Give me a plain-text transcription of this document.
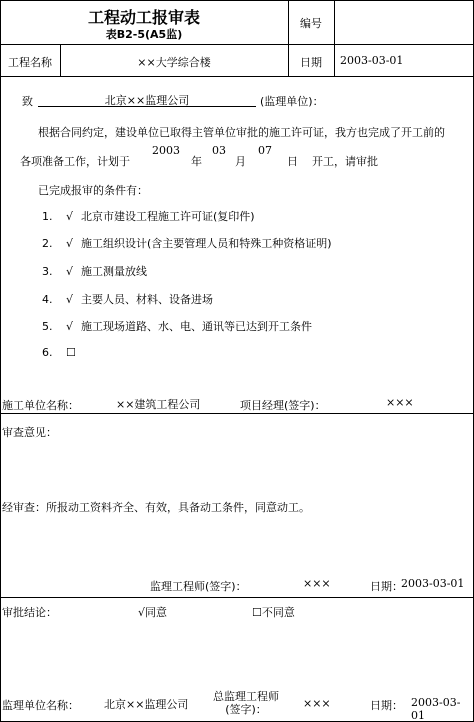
工程动工报审表
表B2-5(A5监)
编号
工程名称	××大学综合楼	日期	2003-03-01
致	北京××监理公司	(监理单位)：
根据合同约定，建设单位已取得主管单位审批的施工许可证，我方也完成了开工前的
各项准备工作，计划于
2003
年
03
月
07
日 开工，请审批
已完成报审的条件有：
1. √ 北京市建设工程施工许可证(复印件)
2. √ 施工组织设计(含主要管理人员和特殊工种资格证明)
3. √ 施工测量放线
4. √ 主要人员、材料、设备进场
5. √ 施工现场道路、水、电、通讯等已达到开工条件
6. ☐
施工单位名称：	××建筑工程公司	项目经理(签字)：	×××
审查意见：
经审查：所报动工资料齐全、有效，具备动工条件，同意动工。
监理工程师(签字)：	×××	日期：
2003-03-01
审批结论：	√同意	☐不同意
监理单位名称： 北京××监理公司
总监理工程师
(签字)：	×××	日期： 2003-03-01
